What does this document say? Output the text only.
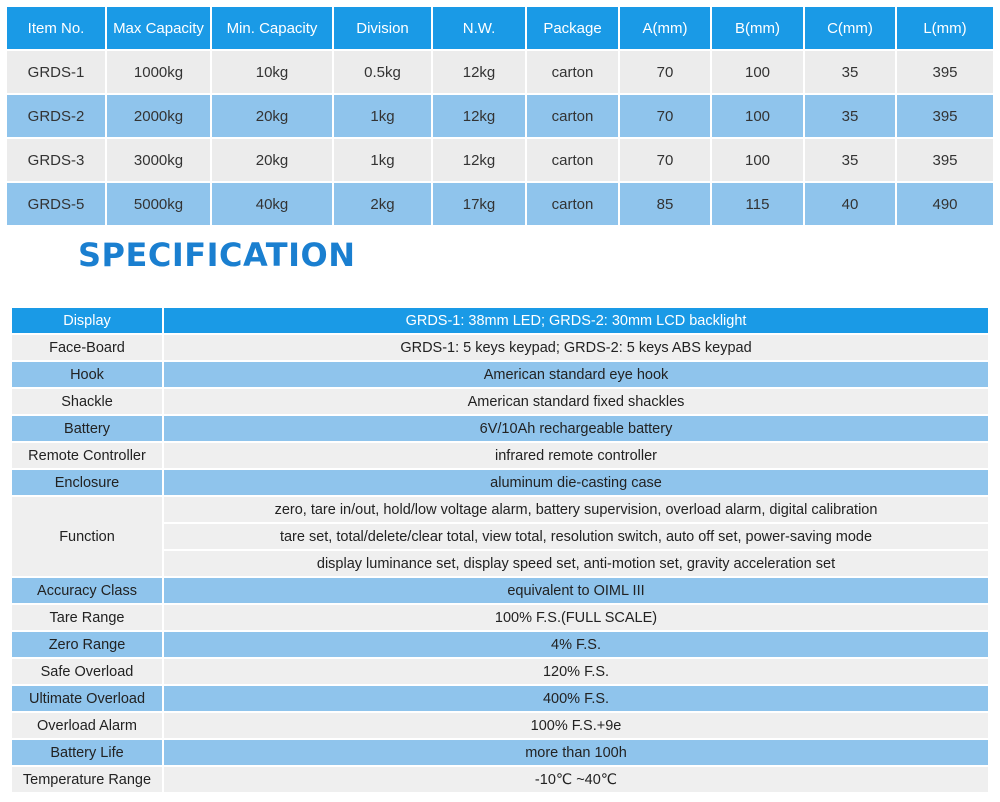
Item No.	Max Capacity	Min. Capacity	Division	N.W.	Package	A(mm)	B(mm)	C(mm)	L(mm)
GRDS-1	1000kg	10kg	0.5kg	12kg	carton	70	100	35	395
GRDS-2	2000kg	20kg	1kg	12kg	carton	70	100	35	395
GRDS-3	3000kg	20kg	1kg	12kg	carton	70	100	35	395
GRDS-5	5000kg	40kg	2kg	17kg	carton	85	115	40	490
SPECIFICATION
Display	GRDS-1: 38mm LED; GRDS-2: 30mm LCD backlight
Face-Board	GRDS-1: 5 keys keypad; GRDS-2: 5 keys ABS keypad
Hook	American standard eye hook
Shackle	American standard fixed shackles
Battery	6V/10Ah rechargeable battery
Remote Controller	infrared remote controller
Enclosure	aluminum die-casting case
Function	zero, tare in/out, hold/low voltage alarm, battery supervision, overload alarm, digital calibration
	tare set, total/delete/clear total, view total, resolution switch, auto off set, power-saving mode
	display luminance set, display speed set, anti-motion set, gravity acceleration set
Accuracy Class	equivalent to OIML III
Tare Range	100% F.S.(FULL SCALE)
Zero Range	4% F.S.
Safe Overload	120% F.S.
Ultimate Overload	400% F.S.
Overload Alarm	100% F.S.+9e
Battery Life	more than 100h
Temperature Range	-10℃ ~40℃
